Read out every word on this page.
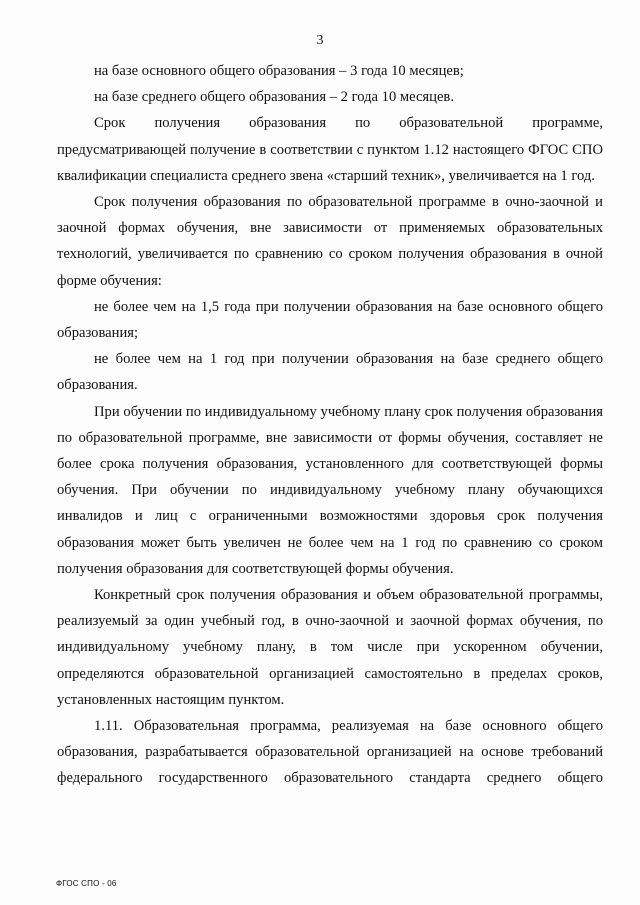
3

на базе основного общего образования – 3 года 10 месяцев;

на базе среднего общего образования – 2 года 10 месяцев.

Срок получения образования по образовательной программе, предусматривающей получение в соответствии с пунктом 1.12 настоящего ФГОС СПО квалификации специалиста среднего звена «старший техник», увеличивается на 1 год.

Срок получения образования по образовательной программе в очно-заочной и заочной формах обучения, вне зависимости от применяемых образовательных технологий, увеличивается по сравнению со сроком получения образования в очной форме обучения:

не более чем на 1,5 года при получении образования на базе основного общего образования;

не более чем на 1 год при получении образования на базе среднего общего образования.

При обучении по индивидуальному учебному плану срок получения образования по образовательной программе, вне зависимости от формы обучения, составляет не более срока получения образования, установленного для соответствующей формы обучения. При обучении по индивидуальному учебному плану обучающихся инвалидов и лиц с ограниченными возможностями здоровья срок получения образования может быть увеличен не более чем на 1 год по сравнению со сроком получения образования для соответствующей формы обучения.

Конкретный срок получения образования и объем образовательной программы, реализуемый за один учебный год, в очно-заочной и заочной формах обучения, по индивидуальному учебному плану, в том числе при ускоренном обучении, определяются образовательной организацией самостоятельно в пределах сроков, установленных настоящим пунктом.

1.11. Образовательная программа, реализуемая на базе основного общего образования, разрабатывается образовательной организацией на основе требований федерального государственного образовательного стандарта среднего общего

ФГОС СПО - 06
